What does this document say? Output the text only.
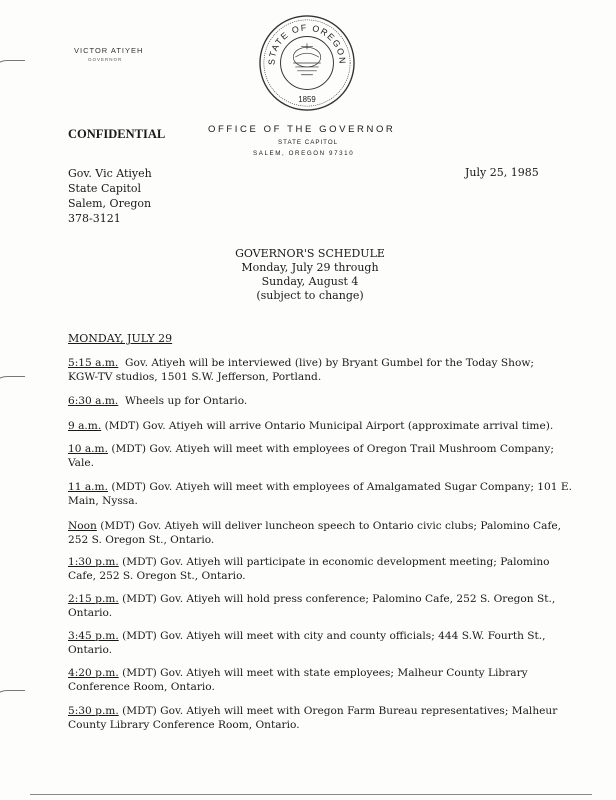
VICTOR ATIYEH
GOVERNOR	STATE OF OREGON
1859
CONFIDENTIAL	OFFICE OF THE GOVERNOR
STATE CAPITOL
SALEM, OREGON 97310
Gov. Vic Atiyeh
State Capitol
Salem, Oregon
378-3121
July 25, 1985
GOVERNOR'S SCHEDULE
Monday, July 29 through
Sunday, August 4
(subject to change)
MONDAY, JULY 29
5:15 a.m. Gov. Atiyeh will be interviewed (live) by Bryant Gumbel for the Today Show;
KGW-TV studios, 1501 S.W. Jefferson, Portland.
6:30 a.m. Wheels up for Ontario.
9 a.m. (MDT) Gov. Atiyeh will arrive Ontario Municipal Airport (approximate arrival time).
10 a.m. (MDT) Gov. Atiyeh will meet with employees of Oregon Trail Mushroom Company;
Vale.
11 a.m. (MDT) Gov. Atiyeh will meet with employees of Amalgamated Sugar Company; 101 E.
Main, Nyssa.
Noon (MDT) Gov. Atiyeh will deliver luncheon speech to Ontario civic clubs; Palomino Cafe,
252 S. Oregon St., Ontario.
1:30 p.m. (MDT) Gov. Atiyeh will participate in economic development meeting; Palomino
Cafe, 252 S. Oregon St., Ontario.
2:15 p.m. (MDT) Gov. Atiyeh will hold press conference; Palomino Cafe, 252 S. Oregon St.,
Ontario.
3:45 p.m. (MDT) Gov. Atiyeh will meet with city and county officials; 444 S.W. Fourth St.,
Ontario.
4:20 p.m. (MDT) Gov. Atiyeh will meet with state employees; Malheur County Library
Conference Room, Ontario.
5:30 p.m. (MDT) Gov. Atiyeh will meet with Oregon Farm Bureau representatives; Malheur
County Library Conference Room, Ontario.
